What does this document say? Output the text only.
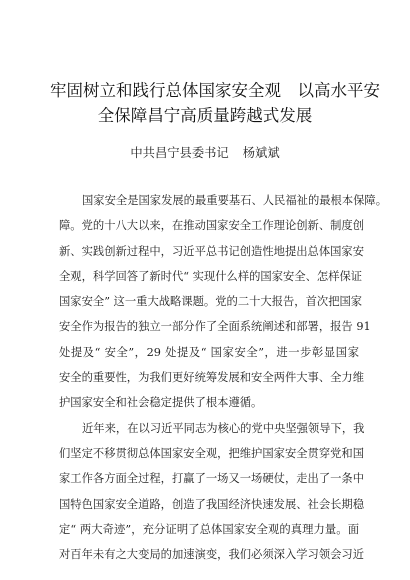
牢固树立和践行总体国家安全观　以高水平安
全保障昌宁高质量跨越式发展
中共昌宁县委书记 杨斌斌

国家安全是国家发展的最重要基石、人民福祉的最根本保障。
障。党的十八大以来，在推动国家安全工作理论创新、制度创
新、实践创新过程中，习近平总书记创造性地提出总体国家安
全观，科学回答了新时代“ 实现什么样的国家安全、怎样保证
国家安全” 这一重大战略课题。党的二十大报告，首次把国家
安全作为报告的独立一部分作了全面系统阐述和部署，报告 91
处提及“ 安全”，29 处提及“ 国家安全”，进一步彰显国家
安全的重要性，为我们更好统筹发展和安全两件大事、全力维
护国家安全和社会稳定提供了根本遵循。

近年来，在以习近平同志为核心的党中央坚强领导下，我
们坚定不移贯彻总体国家安全观，把维护国家安全贯穿党和国
家工作各方面全过程，打赢了一场又一场硬仗，走出了一条中
国特色国家安全道路，创造了我国经济快速发展、社会长期稳
定“ 两大奇迹”，充分证明了总体国家安全观的真理力量。面
对百年未有之大变局的加速演变，我们必须深入学习领会习近
